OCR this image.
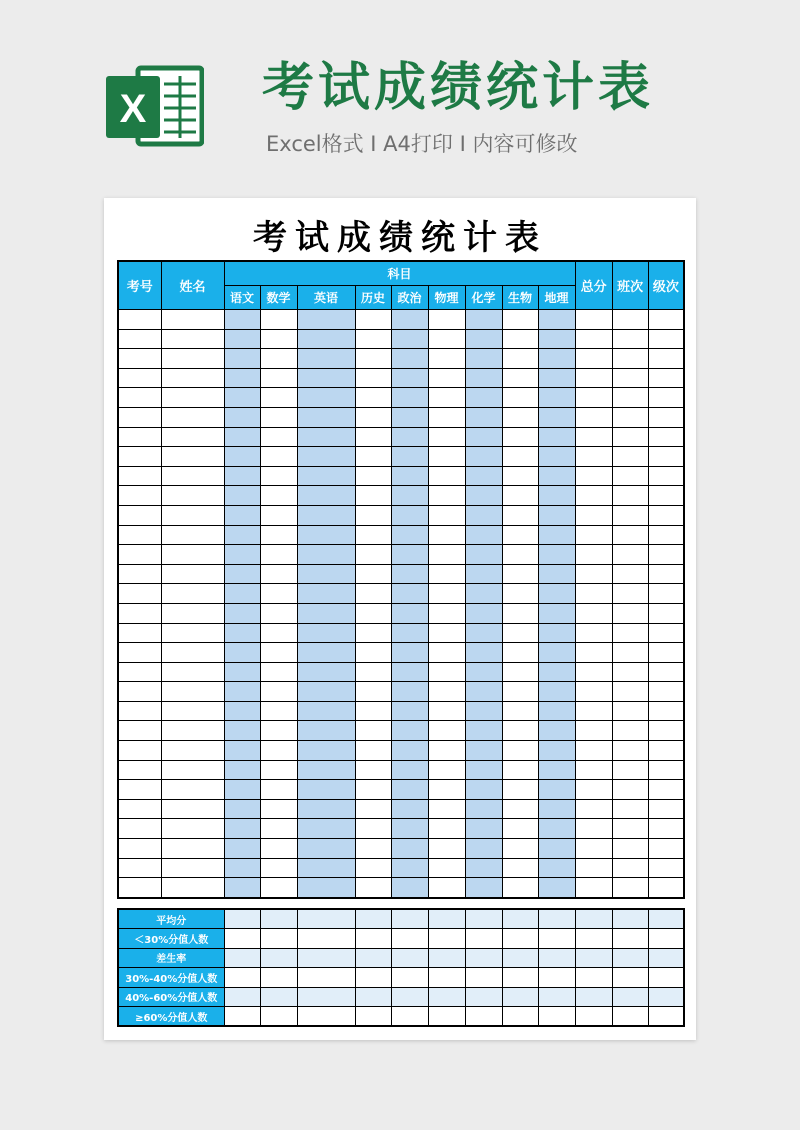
X 考试成绩统计表
Excel格式 I A4打印 I 内容可修改
考试成绩统计表
考号	姓名	科目									总分	班次	级次
		语文	数学	英语	历史	政治	物理	化学	生物	地理			

平均分												
＜30%分值人数												
差生率												
30%-40%分值人数												
40%-60%分值人数												
≥60%分值人数												
